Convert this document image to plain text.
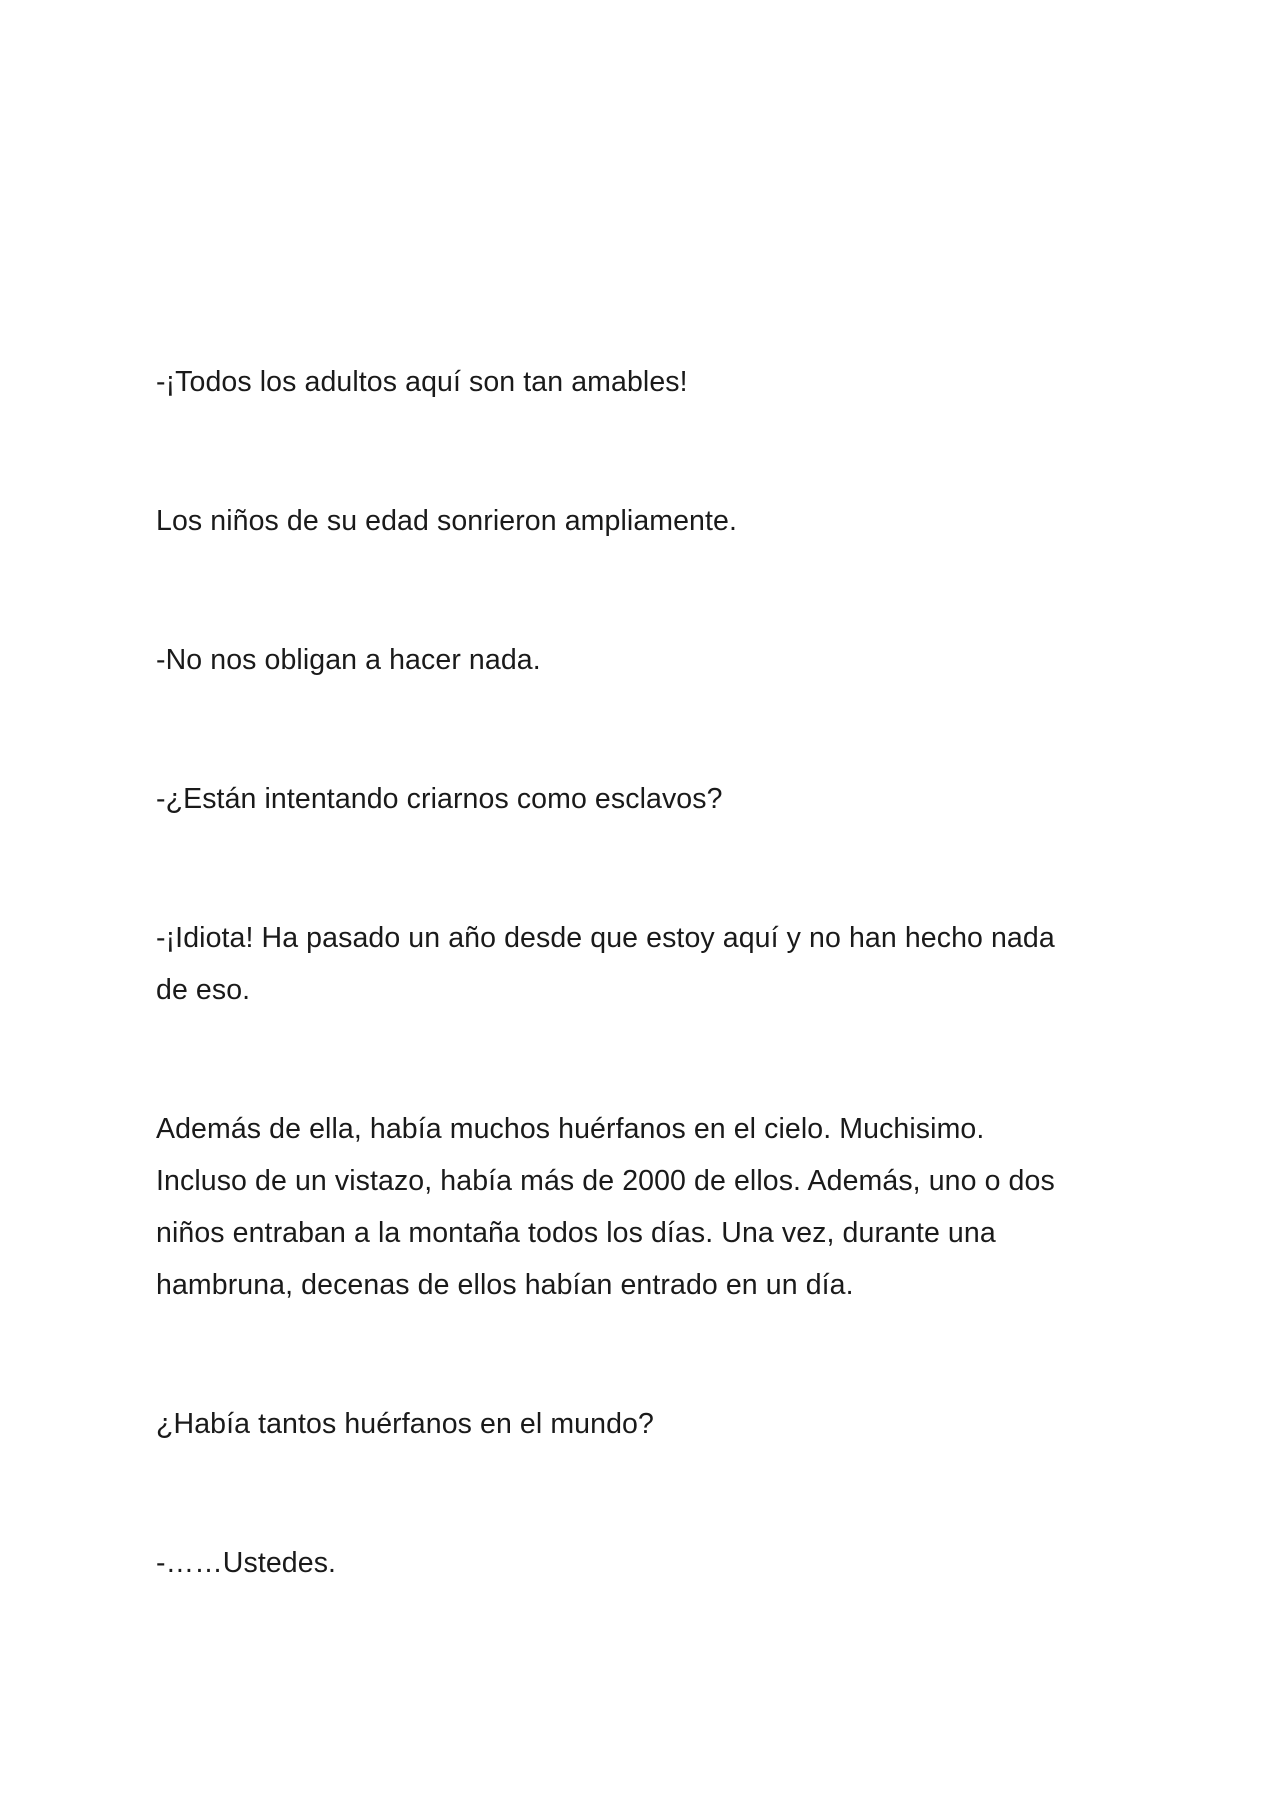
-¡Todos los adultos aquí son tan amables!
Los niños de su edad sonrieron ampliamente.
-No nos obligan a hacer nada.
-¿Están intentando criarnos como esclavos?
-¡Idiota! Ha pasado un año desde que estoy aquí y no han hecho nada
de eso.
Además de ella, había muchos huérfanos en el cielo. Muchisimo.
Incluso de un vistazo, había más de 2000 de ellos. Además, uno o dos
niños entraban a la montaña todos los días. Una vez, durante una
hambruna, decenas de ellos habían entrado en un día.
¿Había tantos huérfanos en el mundo?
-……Ustedes.
